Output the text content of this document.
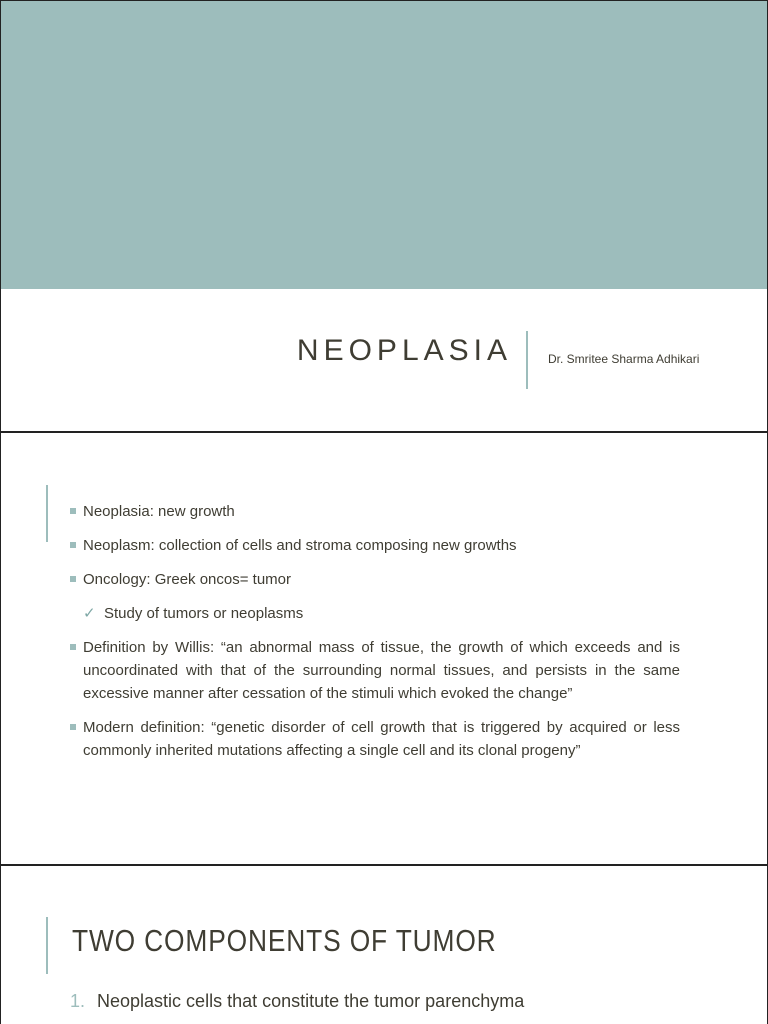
NEOPLASIA	Dr. Smritee Sharma Adhikari
Neoplasia: new growth
Neoplasm: collection of cells and stroma composing new growths
Oncology: Greek oncos= tumor
✓ Study of tumors or neoplasms
Definition by Willis: “an abnormal mass of tissue, the growth of which exceeds and is uncoordinated with that of the surrounding normal tissues, and persists in the same excessive manner after cessation of the stimuli which evoked the change”
Modern definition: “genetic disorder of cell growth that is triggered by acquired or less commonly inherited mutations affecting a single cell and its clonal progeny”
TWO COMPONENTS OF TUMOR
1. Neoplastic cells that constitute the tumor parenchyma
